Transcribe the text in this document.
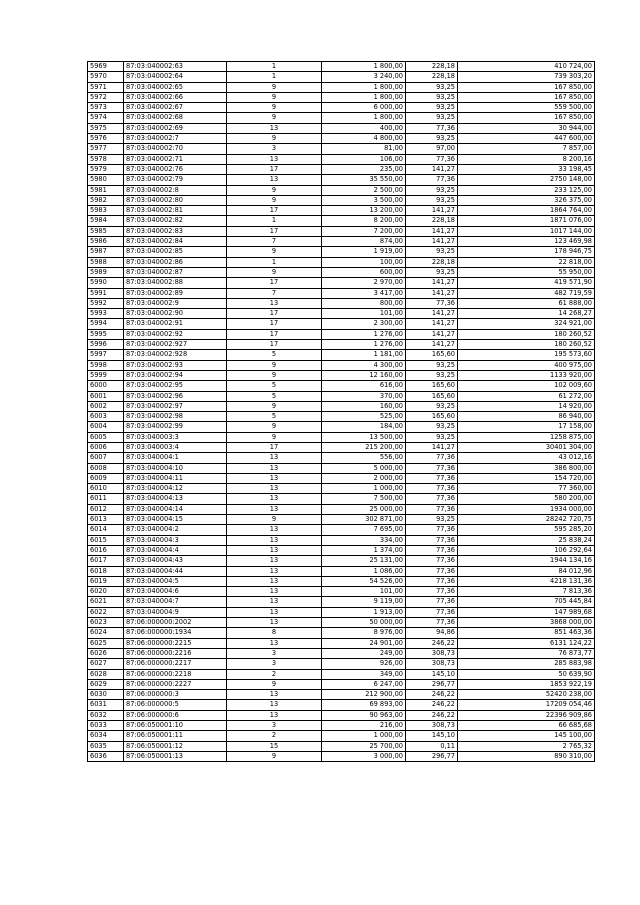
5969	87:03:040002:63	1	1 800,00	228,18	410 724,00
5970	87:03:040002:64	1	3 240,00	228,18	739 303,20
5971	87:03:040002:65	9	1 800,00	93,25	167 850,00
5972	87:03:040002:66	9	1 800,00	93,25	167 850,00
5973	87:03:040002:67	9	6 000,00	93,25	559 500,00
5974	87:03:040002:68	9	1 800,00	93,25	167 850,00
5975	87:03:040002:69	13	400,00	77,36	30 944,00
5976	87:03:040002:7	9	4 800,00	93,25	447 600,00
5977	87:03:040002:70	3	81,00	97,00	7 857,00
5978	87:03:040002:71	13	106,00	77,36	8 200,16
5979	87:03:040002:76	17	235,00	141,27	33 198,45
5980	87:03:040002:79	13	35 550,00	77,36	2750 148,00
5981	87:03:040002:8	9	2 500,00	93,25	233 125,00
5982	87:03:040002:80	9	3 500,00	93,25	326 375,00
5983	87:03:040002:81	17	13 200,00	141,27	1864 764,00
5984	87:03:040002:82	1	8 200,00	228,18	1871 076,00
5985	87:03:040002:83	17	7 200,00	141,27	1017 144,00
5986	87:03:040002:84	7	874,00	141,27	123 469,98
5987	87:03:040002:85	9	1 919,00	93,25	178 946,75
5988	87:03:040002:86	1	100,00	228,18	22 818,00
5989	87:03:040002:87	9	600,00	93,25	55 950,00
5990	87:03:040002:88	17	2 970,00	141,27	419 571,90
5991	87:03:040002:89	7	3 417,00	141,27	482 719,59
5992	87:03:040002:9	13	800,00	77,36	61 888,00
5993	87:03:040002:90	17	101,00	141,27	14 268,27
5994	87:03:040002:91	17	2 300,00	141,27	324 921,00
5995	87:03:040002:92	17	1 276,00	141,27	180 260,52
5996	87:03:040002:927	17	1 276,00	141,27	180 260,52
5997	87:03:040002:928	5	1 181,00	165,60	195 573,60
5998	87:03:040002:93	9	4 300,00	93,25	400 975,00
5999	87:03:040002:94	9	12 160,00	93,25	1133 920,00
6000	87:03:040002:95	5	616,00	165,60	102 009,60
6001	87:03:040002:96	5	370,00	165,60	61 272,00
6002	87:03:040002:97	9	160,00	93,25	14 920,00
6003	87:03:040002:98	5	525,00	165,60	86 940,00
6004	87:03:040002:99	9	184,00	93,25	17 158,00
6005	87:03:040003:3	9	13 500,00	93,25	1258 875,00
6006	87:03:040003:4	17	215 200,00	141,27	30401 304,00
6007	87:03:040004:1	13	556,00	77,36	43 012,16
6008	87:03:040004:10	13	5 000,00	77,36	386 800,00
6009	87:03:040004:11	13	2 000,00	77,36	154 720,00
6010	87:03:040004:12	13	1 000,00	77,36	77 360,00
6011	87:03:040004:13	13	7 500,00	77,36	580 200,00
6012	87:03:040004:14	13	25 000,00	77,36	1934 000,00
6013	87:03:040004:15	9	302 871,00	93,25	28242 720,75
6014	87:03:040004:2	13	7 695,00	77,36	595 285,20
6015	87:03:040004:3	13	334,00	77,36	25 838,24
6016	87:03:040004:4	13	1 374,00	77,36	106 292,64
6017	87:03:040004:43	13	25 131,00	77,36	1944 134,16
6018	87:03:040004:44	13	1 086,00	77,36	84 012,96
6019	87:03:040004:5	13	54 526,00	77,36	4218 131,36
6020	87:03:040004:6	13	101,00	77,36	7 813,36
6021	87:03:040004:7	13	9 119,00	77,36	705 445,84
6022	87:03:040004:9	13	1 913,00	77,36	147 989,68
6023	87:06:000000:2002	13	50 000,00	77,36	3868 000,00
6024	87:06:000000:1934	8	8 976,00	94,86	851 463,36
6025	87:06:000000:2215	13	24 901,00	246,22	6131 124,22
6026	87:06:000000:2216	3	249,00	308,73	76 873,77
6027	87:06:000000:2217	3	926,00	308,73	285 883,98
6028	87:06:000000:2218	2	349,00	145,10	50 639,90
6029	87:06:000000:2227	9	6 247,00	296,77	1853 922,19
6030	87:06:000000:3	13	212 900,00	246,22	52420 238,00
6031	87:06:000000:5	13	69 893,00	246,22	17209 054,46
6032	87:06:000000:6	13	90 963,00	246,22	22396 909,86
6033	87:06:050001:10	3	216,00	308,73	66 685,68
6034	87:06:050001:11	2	1 000,00	145,10	145 100,00
6035	87:06:050001:12	15	25 700,00	0,11	2 765,32
6036	87:06:050001:13	9	3 000,00	296,77	890 310,00
